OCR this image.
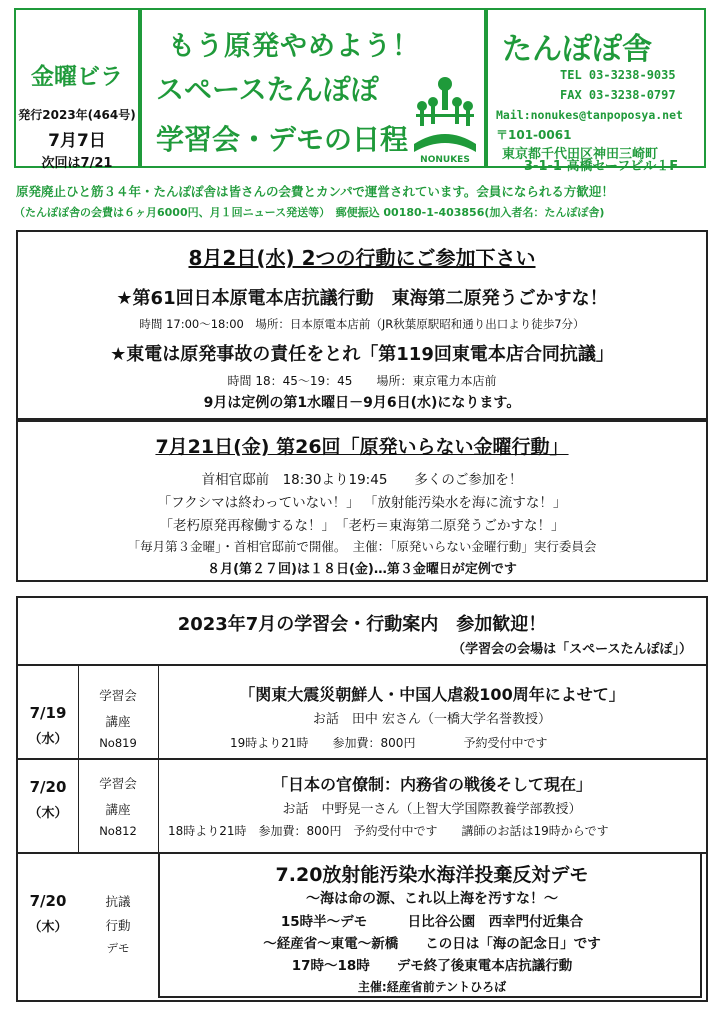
金曜ビラ
発行2023年(464号)
7月7日
次回は7/21
もう原発やめよう！
スペースたんぽぽ
学習会・デモの日程
NONUKES
たんぽぽ舎
TEL 03-3238-9035
FAX 03-3238-0797
Mail:nonukes@tanpoposya.net
〒101-0061
東京都千代田区神田三崎町
3-1-1 高橋セーフビル１F
原発廃止ひと筋３４年・たんぽぽ舎は皆さんの会費とカンパで運営されています。会員になられる方歓迎！
（たんぽぽ舎の会費は６ヶ月6000円、月１回ニュース発送等）　郵便振込 00180-1-403856(加入者名：たんぽぽ舎)
8月2日(水) 2つの行動にご参加下さい
★第61回日本原電本店抗議行動　東海第二原発うごかすな！
時間 17:00～18:00　場所：日本原電本店前（JR秋葉原駅昭和通り出口より徒歩7分）
★東電は原発事故の責任をとれ「第119回東電本店合同抗議」
時間 18：45～19：45　　場所：東京電力本店前
9月は定例の第1水曜日－9月6日(水)になります。
7月21日(金) 第26回「原発いらない金曜行動」
首相官邸前　18:30より19:45　　多くのご参加を！
「フクシマは終わっていない！」 「放射能汚染水を海に流すな！」
「老朽原発再稼働するな！」　「老朽＝東海第二原発うごかすな！」
「毎月第３金曜」・首相官邸前で開催。　主催：「原発いらない金曜行動」実行委員会
８月(第２７回)は１８日(金)…第３金曜日が定例です
2023年7月の学習会・行動案内　参加歓迎！
（学習会の会場は「スペースたんぽぽ」）
7/19
（水）
学習会
講座
No819
「関東大震災朝鮮人・中国人虐殺100周年によせて」
お話　田中 宏さん（一橋大学名誉教授）
19時より21時　　参加費：800円　　　　予約受付中です
7/20
（木）
学習会
講座
No812
「日本の官僚制：内務省の戦後そして現在」
お話　中野晃一さん（上智大学国際教養学部教授）
18時より21時　参加費：800円　予約受付中です　　講師のお話は19時からです
7/20
（木）
抗議
行動
デモ
7.20放射能汚染水海洋投棄反対デモ
～海は命の源、これ以上海を汚すな！～
15時半～デモ　　　日比谷公園　西幸門付近集合
～経産省～東電～新橋　　この日は「海の記念日」です
17時～18時　　デモ終了後東電本店抗議行動
主催:経産省前テントひろば
